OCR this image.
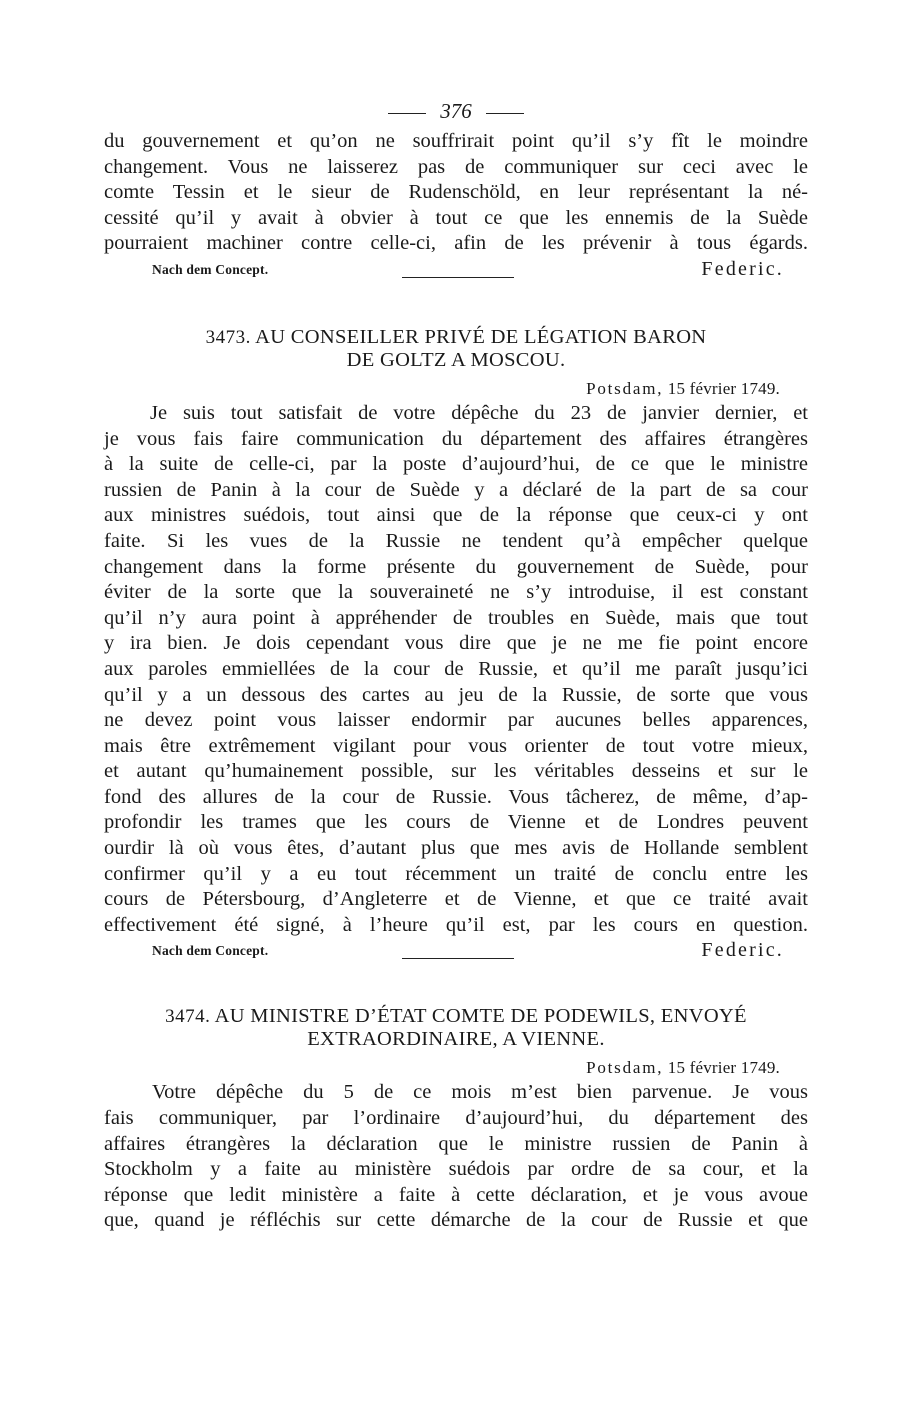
376
du gouvernement et qu’on ne souffrirait point qu’il s’y fît le moindre
changement. Vous ne laisserez pas de communiquer sur ceci avec le
comte Tessin et le sieur de Rudenschöld, en leur représentant la né-
cessité qu’il y avait à obvier à tout ce que les ennemis de la Suède
pourraient machiner contre celle-ci, afin de les prévenir à tous égards.
Nach dem Concept.	Federic.
3473. AU CONSEILLER PRIVÉ DE LÉGATION BARON
DE GOLTZ A MOSCOU.
Potsdam, 15 février 1749.
Je suis tout satisfait de votre dépêche du 23 de janvier dernier, et
je vous fais faire communication du département des affaires étrangères
à la suite de celle-ci, par la poste d’aujourd’hui, de ce que le ministre
russien de Panin à la cour de Suède y a déclaré de la part de sa cour
aux ministres suédois, tout ainsi que de la réponse que ceux-ci y ont
faite. Si les vues de la Russie ne tendent qu’à empêcher quelque
changement dans la forme présente du gouvernement de Suède, pour
éviter de la sorte que la souveraineté ne s’y introduise, il est constant
qu’il n’y aura point à appréhender de troubles en Suède, mais que tout
y ira bien. Je dois cependant vous dire que je ne me fie point encore
aux paroles emmiellées de la cour de Russie, et qu’il me paraît jusqu’ici
qu’il y a un dessous des cartes au jeu de la Russie, de sorte que vous
ne devez point vous laisser endormir par aucunes belles apparences,
mais être extrêmement vigilant pour vous orienter de tout votre mieux,
et autant qu’humainement possible, sur les véritables desseins et sur le
fond des allures de la cour de Russie. Vous tâcherez, de même, d’ap-
profondir les trames que les cours de Vienne et de Londres peuvent
ourdir là où vous êtes, d’autant plus que mes avis de Hollande semblent
confirmer qu’il y a eu tout récemment un traité de conclu entre les
cours de Pétersbourg, d’Angleterre et de Vienne, et que ce traité avait
effectivement été signé, à l’heure qu’il est, par les cours en question.
Nach dem Concept.	Federic.
3474. AU MINISTRE D’ÉTAT COMTE DE PODEWILS, ENVOYÉ
EXTRAORDINAIRE, A VIENNE.
Potsdam, 15 février 1749.
Votre dépêche du 5 de ce mois m’est bien parvenue. Je vous
fais communiquer, par l’ordinaire d’aujourd’hui, du département des
affaires étrangères la déclaration que le ministre russien de Panin à
Stockholm y a faite au ministère suédois par ordre de sa cour, et la
réponse que ledit ministère a faite à cette déclaration, et je vous avoue
que, quand je réfléchis sur cette démarche de la cour de Russie et que
